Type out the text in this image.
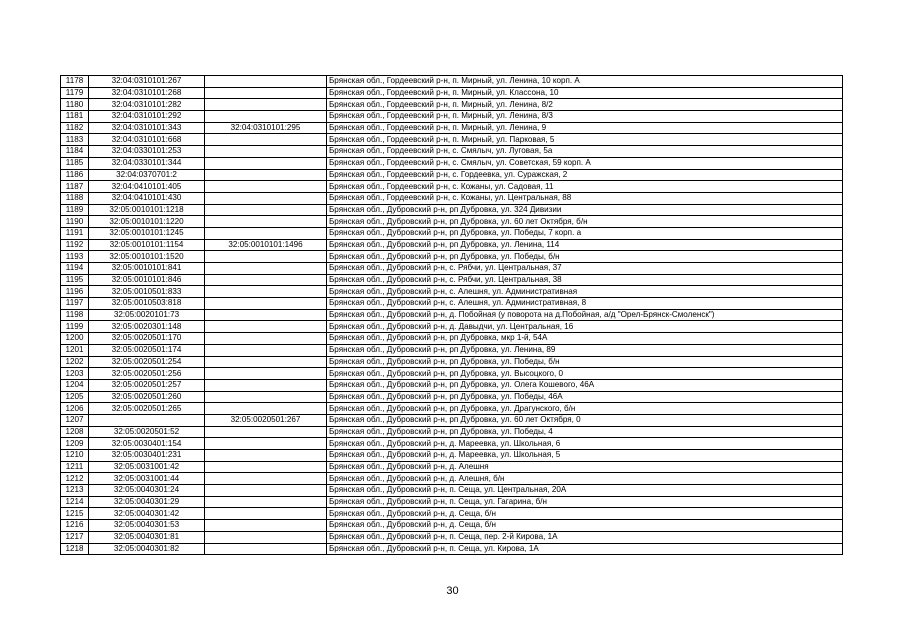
1178	32:04:0310101:267		Брянская обл., Гордеевский р-н, п. Мирный, ул. Ленина, 10 корп. А
1179	32:04:0310101:268		Брянская обл., Гордеевский р-н, п. Мирный, ул. Классона, 10
1180	32:04:0310101:282		Брянская обл., Гордеевский р-н, п. Мирный, ул. Ленина, 8/2
1181	32:04:0310101:292		Брянская обл., Гордеевский р-н, п. Мирный, ул. Ленина, 8/3
1182	32:04:0310101:343	32:04:0310101:295	Брянская обл., Гордеевский р-н, п. Мирный, ул. Ленина, 9
1183	32:04:0310101:668		Брянская обл., Гордеевский р-н, п. Мирный, ул. Парковая, 5
1184	32:04:0330101:253		Брянская обл., Гордеевский р-н, с. Смялыч, ул. Луговая, 5а
1185	32:04:0330101:344		Брянская обл., Гордеевский р-н, с. Смялыч, ул. Советская, 59 корп. А
1186	32:04:0370701:2		Брянская обл., Гордеевский р-н, с. Гордеевка, ул. Суражская, 2
1187	32:04:0410101:405		Брянская обл., Гордеевский р-н, с. Кожаны, ул. Садовая, 11
1188	32:04:0410101:430		Брянская обл., Гордеевский р-н, с. Кожаны, ул. Центральная, 88
1189	32:05:0010101:1218		Брянская обл., Дубровский р-н, рп Дубровка, ул. 324 Дивизии
1190	32:05:0010101:1220		Брянская обл., Дубровский р-н, рп Дубровка, ул. 60 лет Октября, б/н
1191	32:05:0010101:1245		Брянская обл., Дубровский р-н, рп Дубровка, ул. Победы, 7 корп. а
1192	32:05:0010101:1154	32:05:0010101:1496	Брянская обл., Дубровский р-н, рп Дубровка, ул. Ленина, 114
1193	32:05:0010101:1520		Брянская обл., Дубровский р-н, рп Дубровка, ул. Победы, б/н
1194	32:05:0010101:841		Брянская обл., Дубровский р-н, с. Рябчи, ул. Центральная, 37
1195	32:05:0010101:846		Брянская обл., Дубровский р-н, с. Рябчи, ул. Центральная, 38
1196	32:05:0010501:833		Брянская обл., Дубровский р-н, с. Алешня, ул. Административная
1197	32:05:0010503:818		Брянская обл., Дубровский р-н, с. Алешня, ул. Административная, 8
1198	32:05:0020101:73		Брянская обл., Дубровский р-н, д. Побойная (у поворота на д.Побойная, а/д "Орел-Брянск-Смоленск")
1199	32:05:0020301:148		Брянская обл., Дубровский р-н, д. Давыдчи, ул. Центральная, 16
1200	32:05:0020501:170		Брянская обл., Дубровский р-н, рп Дубровка, мкр 1-й, 54А
1201	32:05:0020501:174		Брянская обл., Дубровский р-н, рп Дубровка, ул. Ленина, 89
1202	32:05:0020501:254		Брянская обл., Дубровский р-н, рп Дубровка, ул. Победы, б/н
1203	32:05:0020501:256		Брянская обл., Дубровский р-н, рп Дубровка, ул. Высоцкого, 0
1204	32:05:0020501:257		Брянская обл., Дубровский р-н, рп Дубровка, ул. Олега Кошевого, 46А
1205	32:05:0020501:260		Брянская обл., Дубровский р-н, рп Дубровка, ул. Победы, 46А
1206	32:05:0020501:265		Брянская обл., Дубровский р-н, рп Дубровка, ул. Драгунского, б/н
1207		32:05:0020501:267	Брянская обл., Дубровский р-н, рп Дубровка, ул. 60 лет Октября, 0
1208	32:05:0020501:52		Брянская обл., Дубровский р-н, рп Дубровка, ул. Победы, 4
1209	32:05:0030401:154		Брянская обл., Дубровский р-н, д. Мареевка, ул. Школьная, 6
1210	32:05:0030401:231		Брянская обл., Дубровский р-н, д. Мареевка, ул. Школьная, 5
1211	32:05:0031001:42		Брянская обл., Дубровский р-н, д. Алешня
1212	32:05:0031001:44		Брянская обл., Дубровский р-н, д. Алешня, б/н
1213	32:05:0040301:24		Брянская обл., Дубровский р-н, п. Сеща, ул. Центральная, 20А
1214	32:05:0040301:29		Брянская обл., Дубровский р-н, п. Сеща, ул. Гагарина, б/н
1215	32:05:0040301:42		Брянская обл., Дубровский р-н, д. Сеща, б/н
1216	32:05:0040301:53		Брянская обл., Дубровский р-н, д. Сеща, б/н
1217	32:05:0040301:81		Брянская обл., Дубровский р-н, п. Сеща, пер. 2-й Кирова, 1А
1218	32:05:0040301:82		Брянская обл., Дубровский р-н, п. Сеща, ул. Кирова, 1А
30
